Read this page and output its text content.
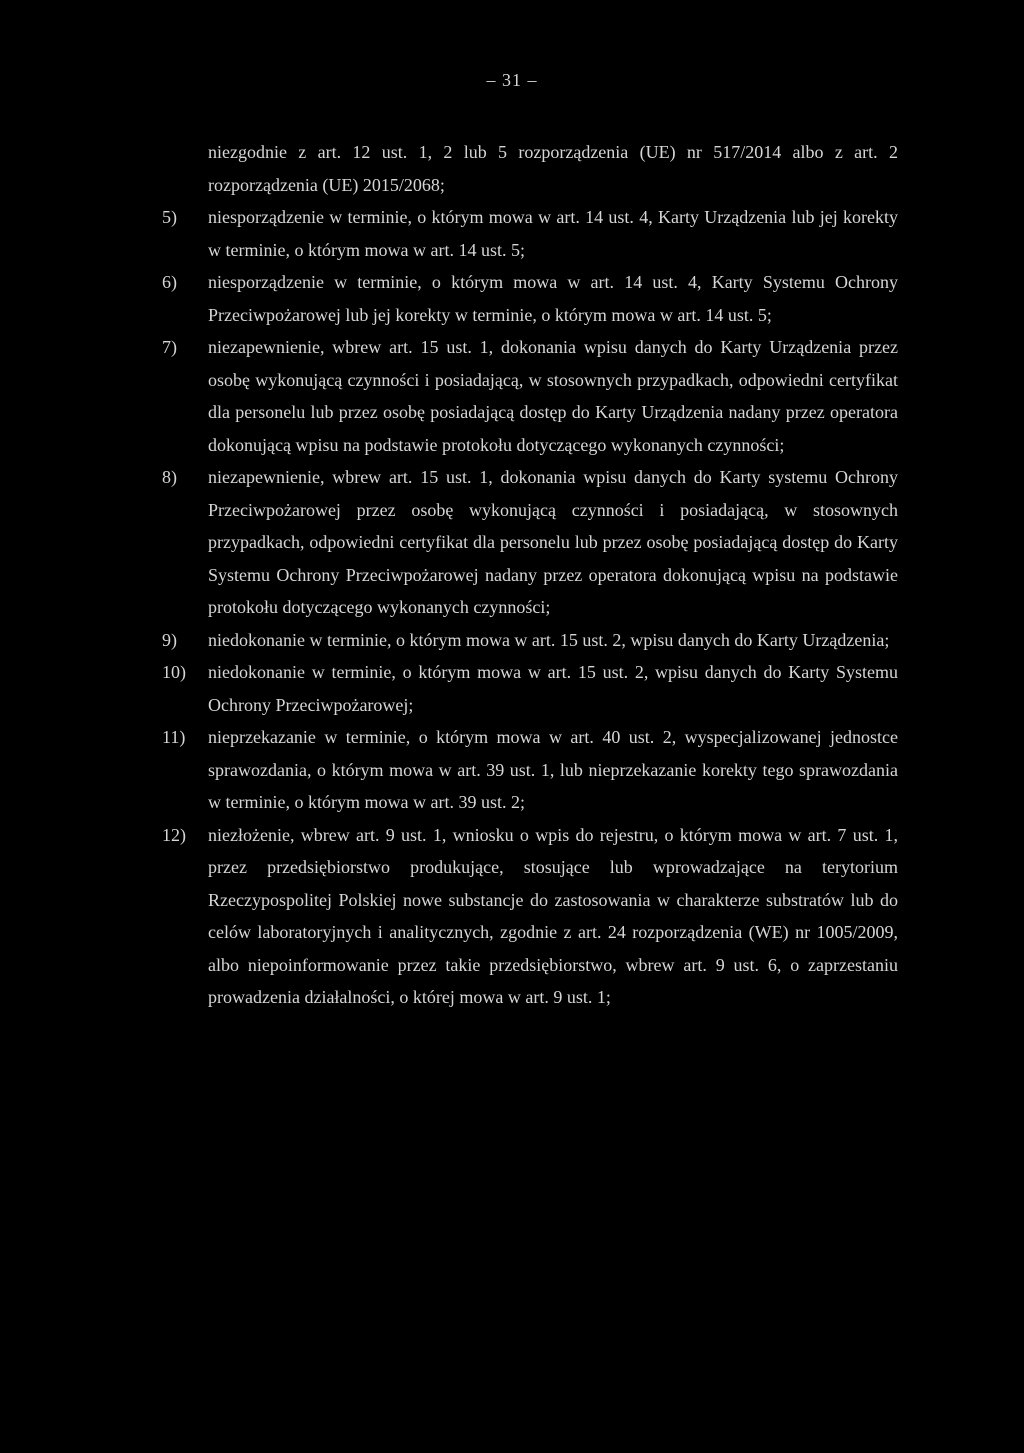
– 31 –
niezgodnie z art. 12 ust. 1, 2 lub 5 rozporządzenia (UE) nr 517/2014 albo z art. 2 rozporządzenia (UE) 2015/2068;
5) niesporządzenie w terminie, o którym mowa w art. 14 ust. 4, Karty Urządzenia lub jej korekty w terminie, o którym mowa w art. 14 ust. 5;
6) niesporządzenie w terminie, o którym mowa w art. 14 ust. 4, Karty Systemu Ochrony Przeciwpożarowej lub jej korekty w terminie, o którym mowa w art. 14 ust. 5;
7) niezapewnienie, wbrew art. 15 ust. 1, dokonania wpisu danych do Karty Urządzenia przez osobę wykonującą czynności i posiadającą, w stosownych przypadkach, odpowiedni certyfikat dla personelu lub przez osobę posiadającą dostęp do Karty Urządzenia nadany przez operatora dokonującą wpisu na podstawie protokołu dotyczącego wykonanych czynności;
8) niezapewnienie, wbrew art. 15 ust. 1, dokonania wpisu danych do Karty systemu Ochrony Przeciwpożarowej przez osobę wykonującą czynności i posiadającą, w stosownych przypadkach, odpowiedni certyfikat dla personelu lub przez osobę posiadającą dostęp do Karty Systemu Ochrony Przeciwpożarowej nadany przez operatora dokonującą wpisu na podstawie protokołu dotyczącego wykonanych czynności;
9) niedokonanie w terminie, o którym mowa w art. 15 ust. 2, wpisu danych do Karty Urządzenia;
10) niedokonanie w terminie, o którym mowa w art. 15 ust. 2, wpisu danych do Karty Systemu Ochrony Przeciwpożarowej;
11) nieprzekazanie w terminie, o którym mowa w art. 40 ust. 2, wyspecjalizowanej jednostce sprawozdania, o którym mowa w art. 39 ust. 1, lub nieprzekazanie korekty tego sprawozdania w terminie, o którym mowa w art. 39 ust. 2;
12) niezłożenie, wbrew art. 9 ust. 1, wniosku o wpis do rejestru, o którym mowa w art. 7 ust. 1, przez przedsiębiorstwo produkujące, stosujące lub wprowadzające na terytorium Rzeczypospolitej Polskiej nowe substancje do zastosowania w charakterze substratów lub do celów laboratoryjnych i analitycznych, zgodnie z art. 24 rozporządzenia (WE) nr 1005/2009, albo niepoinformowanie przez takie przedsiębiorstwo, wbrew art. 9 ust. 6, o zaprzestaniu prowadzenia działalności, o której mowa w art. 9 ust. 1;
